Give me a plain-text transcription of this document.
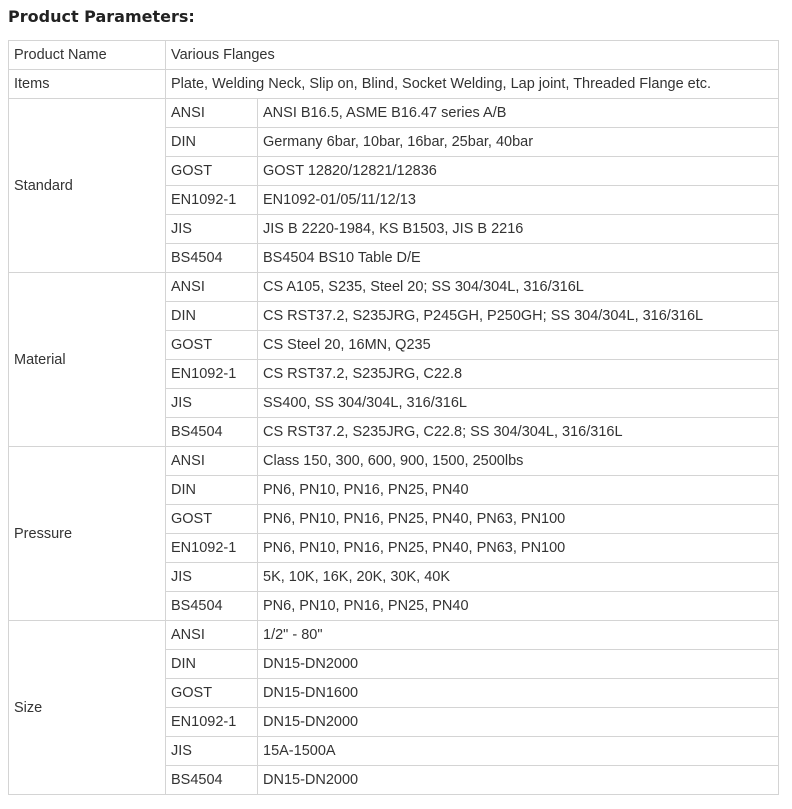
Product Parameters:
Product Name	Various Flanges	
Items	Plate, Welding Neck, Slip on, Blind, Socket Welding, Lap joint, Threaded Flange etc.	
Standard	ANSI	ANSI B16.5, ASME B16.47 series A/B
	DIN	Germany 6bar, 10bar, 16bar, 25bar, 40bar
	GOST	GOST 12820/12821/12836
	EN1092-1	EN1092-01/05/11/12/13
	JIS	JIS B 2220-1984, KS B1503, JIS B 2216
	BS4504	BS4504 BS10 Table D/E
Material	ANSI	CS A105, S235, Steel 20; SS 304/304L, 316/316L
	DIN	CS RST37.2, S235JRG, P245GH, P250GH; SS 304/304L, 316/316L
	GOST	CS Steel 20, 16MN, Q235
	EN1092-1	CS RST37.2, S235JRG, C22.8
	JIS	SS400, SS 304/304L, 316/316L
	BS4504	CS RST37.2, S235JRG, C22.8; SS 304/304L, 316/316L
Pressure	ANSI	Class 150, 300, 600, 900, 1500, 2500lbs
	DIN	PN6, PN10, PN16, PN25, PN40
	GOST	PN6, PN10, PN16, PN25, PN40, PN63, PN100
	EN1092-1	PN6, PN10, PN16, PN25, PN40, PN63, PN100
	JIS	5K, 10K, 16K, 20K, 30K, 40K
	BS4504	PN6, PN10, PN16, PN25, PN40
Size	ANSI	1/2" - 80"
	DIN	DN15-DN2000
	GOST	DN15-DN1600
	EN1092-1	DN15-DN2000
	JIS	15A-1500A
	BS4504	DN15-DN2000
